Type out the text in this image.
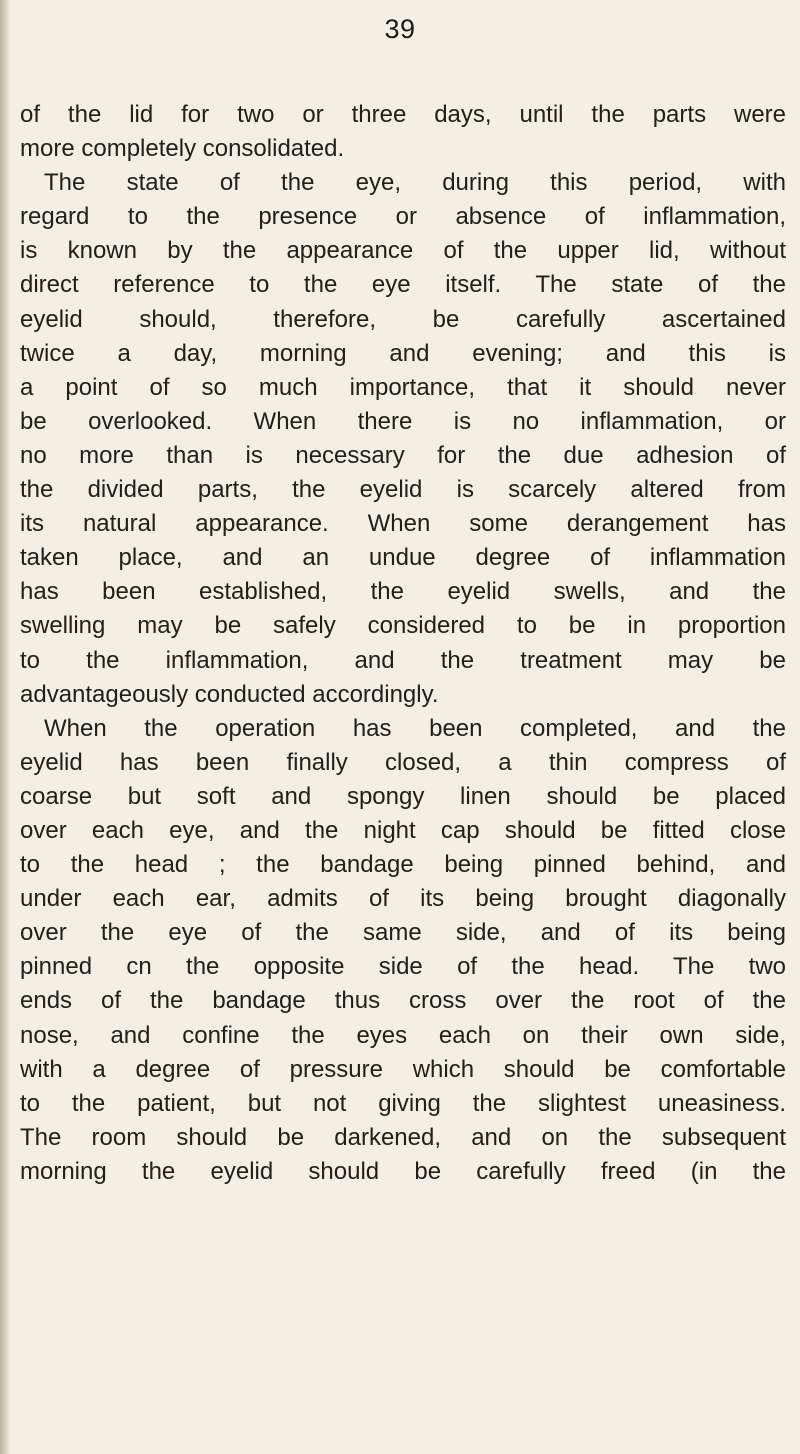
39
of the lid for two or three days, until the parts were
more completely consolidated.
The state of the eye, during this period, with
regard to the presence or absence of inflammation,
is known by the appearance of the upper lid, without
direct reference to the eye itself. The state of the
eyelid should, therefore, be carefully ascertained
twice a day, morning and evening; and this is
a point of so much importance, that it should never
be overlooked. When there is no inflammation, or
no more than is necessary for the due adhesion of
the divided parts, the eyelid is scarcely altered from
its natural appearance. When some derangement has
taken place, and an undue degree of inflammation
has been established, the eyelid swells, and the
swelling may be safely considered to be in proportion
to the inflammation, and the treatment may be
advantageously conducted accordingly.
When the operation has been completed, and the
eyelid has been finally closed, a thin compress of
coarse but soft and spongy linen should be placed
over each eye, and the night cap should be fitted close
to the head ; the bandage being pinned behind, and
under each ear, admits of its being brought diagonally
over the eye of the same side, and of its being
pinned cn the opposite side of the head. The two
ends of the bandage thus cross over the root of the
nose, and confine the eyes each on their own side,
with a degree of pressure which should be comfortable
to the patient, but not giving the slightest uneasiness.
The room should be darkened, and on the subsequent
morning the eyelid should be carefully freed (in the
